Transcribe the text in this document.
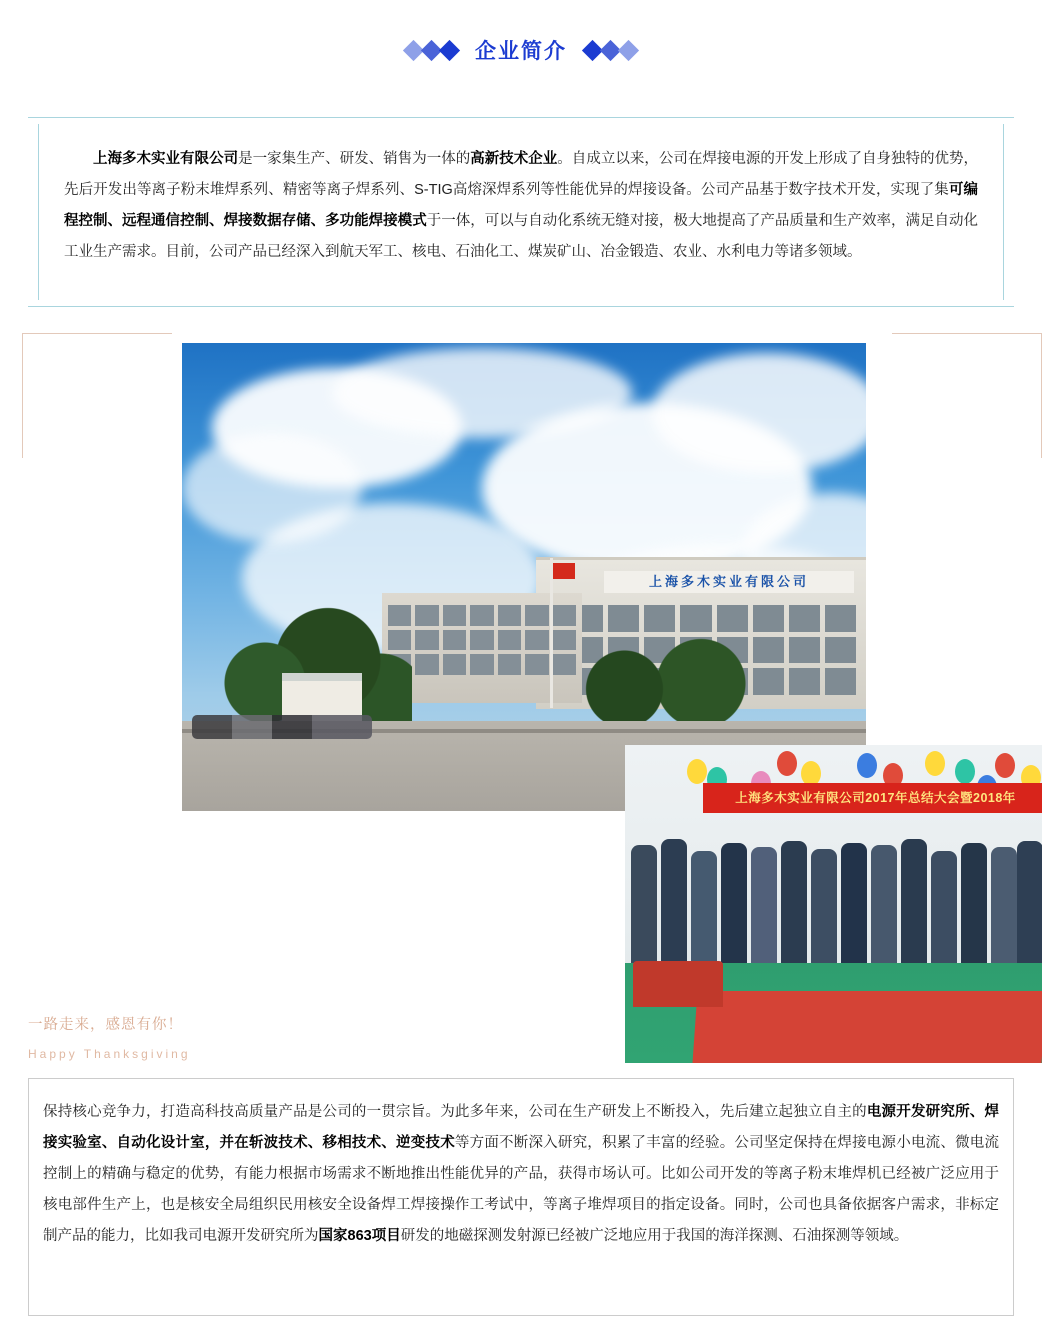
企业简介
上海多木实业有限公司是一家集生产、研发、销售为一体的高新技术企业。自成立以来，公司在焊接电源的开发上形成了自身独特的优势，先后开发出等离子粉末堆焊系列、精密等离子焊系列、S-TIG高熔深焊系列等性能优异的焊接设备。公司产品基于数字技术开发，实现了集可编程控制、远程通信控制、焊接数据存储、多功能焊接模式于一体，可以与自动化系统无缝对接，极大地提高了产品质量和生产效率，满足自动化工业生产需求。目前，公司产品已经深入到航天军工、核电、石油化工、煤炭矿山、冶金锻造、农业、水利电力等诸多领域。
上海多木实业有限公司
上海多木实业有限公司2017年总结大会暨2018年
一路走来，感恩有你！
Happy Thanksgiving
保持核心竞争力，打造高科技高质量产品是公司的一贯宗旨。为此多年来，公司在生产研发上不断投入，先后建立起独立自主的电源开发研究所、焊接实验室、自动化设计室，并在斩波技术、移相技术、逆变技术等方面不断深入研究，积累了丰富的经验。公司坚定保持在焊接电源小电流、微电流控制上的精确与稳定的优势，有能力根据市场需求不断地推出性能优异的产品，获得市场认可。比如公司开发的等离子粉末堆焊机已经被广泛应用于核电部件生产上，也是核安全局组织民用核安全设备焊工焊接操作工考试中，等离子堆焊项目的指定设备。同时，公司也具备依据客户需求，非标定制产品的能力，比如我司电源开发研究所为国家863项目研发的地磁探测发射源已经被广泛地应用于我国的海洋探测、石油探测等领域。
